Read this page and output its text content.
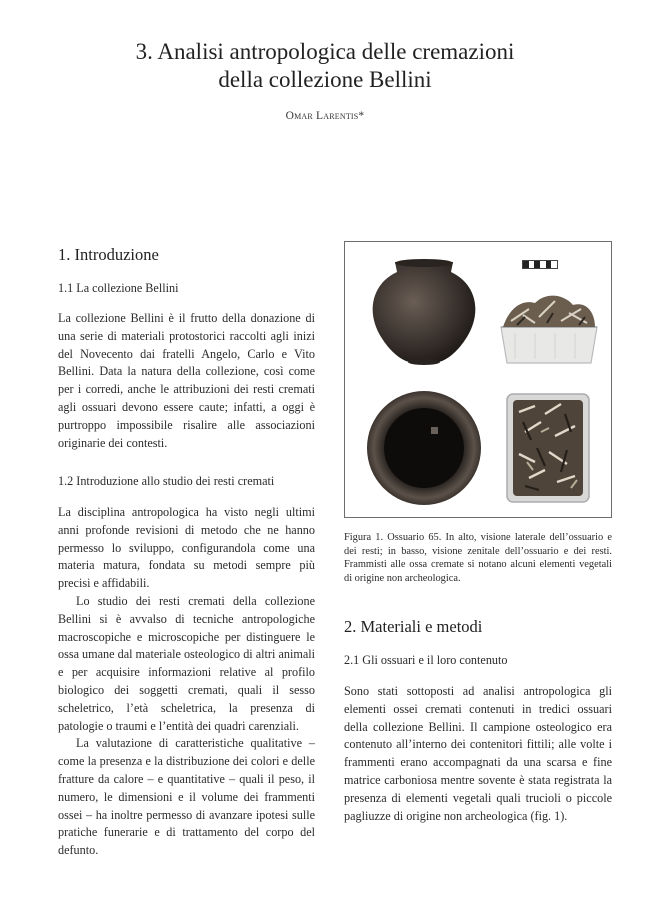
3. Analisi antropologica delle cremazioni
della collezione Bellini
Omar Larentis*
1. Introduzione
1.1 La collezione Bellini

La collezione Bellini è il frutto della donazione di una serie di materiali protostorici raccolti agli inizi del Novecento dai fratelli Angelo, Carlo e Vito Bellini. Data la natura della collezione, così come per i corredi, anche le attribuzioni dei resti cremati agli ossuari devono essere caute; infatti, a oggi è purtroppo impossibile risalire alle associazioni originarie dei contesti.

1.2 Introduzione allo studio dei resti cremati

La disciplina antropologica ha visto negli ultimi anni profonde revisioni di metodo che ne hanno permesso lo sviluppo, configurandola come una materia matura, fondata su metodi sempre più precisi e affidabili.

Lo studio dei resti cremati della collezione Bellini si è avvalso di tecniche antropologiche macroscopiche e microscopiche per distinguere le ossa umane dal materiale osteologico di altri animali e per acquisire informazioni relative al profilo biologico dei soggetti cremati, quali il sesso scheletrico, l’età scheletrica, la presenza di patologie o traumi e l’entità dei quadri carenziali.

La valutazione di caratteristiche qualitative – come la presenza e la distribuzione dei colori e delle fratture da calore – e quantitative – quali il peso, il numero, le dimensioni e il volume dei frammenti ossei – ha inoltre permesso di avanzare ipotesi sulle pratiche funerarie e di trattamento del corpo del defunto.

Figura 1. Ossuario 65. In alto, visione laterale dell’ossuario e dei resti; in basso, visione zenitale dell’ossuario e dei resti. Frammisti alle ossa cremate si notano alcuni elementi vegetali di origine non archeologica.

2. Materiali e metodi
2.1 Gli ossuari e il loro contenuto

Sono stati sottoposti ad analisi antropologica gli elementi ossei cremati contenuti in tredici ossuari della collezione Bellini. Il campione osteologico era contenuto all’interno dei contenitori fittili; alle volte i frammenti erano accompagnati da una scarsa e fine matrice carboniosa mentre sovente è stata registrata la presenza di elementi vegetali quali trucioli o piccole pagliuzze di origine non archeologica (fig. 1).
